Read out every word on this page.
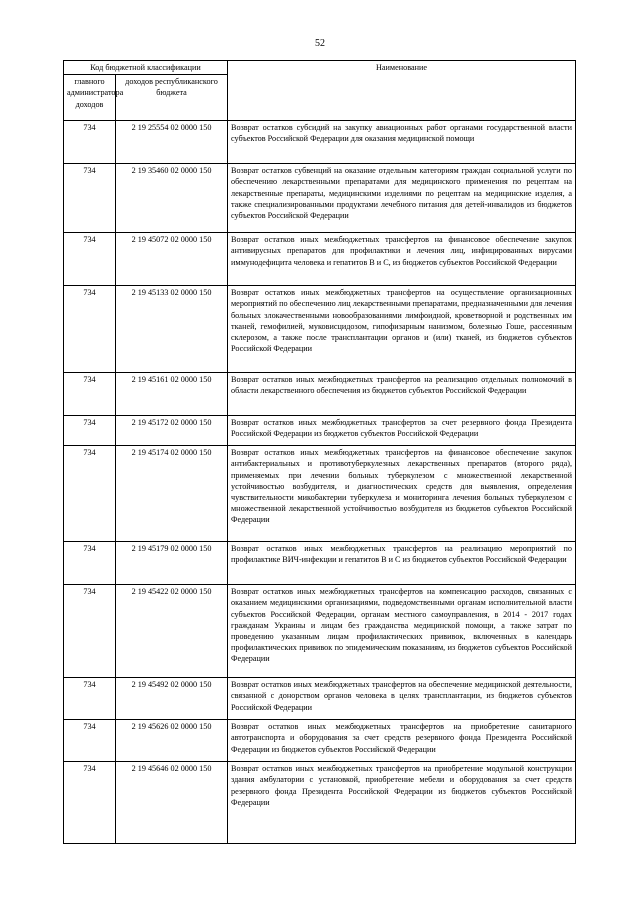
52
Код бюджетной классификации		Наименование
главного администратора доходов	доходов республиканского бюджета	
734	2 19 25554 02 0000 150	Возврат остатков субсидий на закупку авиационных работ органами государственной власти субъектов Российской Федерации для оказания медицинской помощи
734	2 19 35460 02 0000 150	Возврат остатков субвенций на оказание отдельным категориям граждан социальной услуги по обеспечению лекарственными препаратами для медицинского применения по рецептам на лекарственные препараты, медицинскими изделиями по рецептам на медицинские изделия, а также специализированными продуктами лечебного питания для детей-инвалидов из бюджетов субъектов Российской Федерации
734	2 19 45072 02 0000 150	Возврат остатков иных межбюджетных трансфертов на финансовое обеспечение закупок антивирусных препаратов для профилактики и лечения лиц, инфицированных вирусами иммунодефицита человека и гепатитов В и С, из бюджетов субъектов Российской Федерации
734	2 19 45133 02 0000 150	Возврат остатков иных межбюджетных трансфертов на осуществление организационных мероприятий по обеспечению лиц лекарственными препаратами, предназначенными для лечения больных злокачественными новообразованиями лимфоидной, кроветворной и родственных им тканей, гемофилией, муковисцидозом, гипофизарным нанизмом, болезнью Гоше, рассеянным склерозом, а также после трансплантации органов и (или) тканей, из бюджетов субъектов Российской Федерации
734	2 19 45161 02 0000 150	Возврат остатков иных межбюджетных трансфертов на реализацию отдельных полномочий в области лекарственного обеспечения из бюджетов субъектов Российской Федерации
734	2 19 45172 02 0000 150	Возврат остатков иных межбюджетных трансфертов за счет резервного фонда Президента Российской Федерации из бюджетов субъектов Российской Федерации
734	2 19 45174 02 0000 150	Возврат остатков иных межбюджетных трансфертов на финансовое обеспечение закупок антибактериальных и противотуберкулезных лекарственных препаратов (второго ряда), применяемых при лечении больных туберкулезом с множественной лекарственной устойчивостью возбудителя, и диагностических средств для выявления, определения чувствительности микобактерии туберкулеза и мониторинга лечения больных туберкулезом с множественной лекарственной устойчивостью возбудителя из бюджетов субъектов Российской Федерации
734	2 19 45179 02 0000 150	Возврат остатков иных межбюджетных трансфертов на реализацию мероприятий по профилактике ВИЧ-инфекции и гепатитов В и С из бюджетов субъектов Российской Федерации
734	2 19 45422 02 0000 150	Возврат остатков иных межбюджетных трансфертов на компенсацию расходов, связанных с оказанием медицинскими организациями, подведомственными органам исполнительной власти субъектов Российской Федерации, органам местного самоуправления, в 2014 - 2017 годах гражданам Украины и лицам без гражданства медицинской помощи, а также затрат по проведению указанным лицам профилактических прививок, включенных в календарь профилактических прививок по эпидемическим показаниям, из бюджетов субъектов Российской Федерации
734	2 19 45492 02 0000 150	Возврат остатков иных межбюджетных трансфертов на обеспечение медицинской деятельности, связанной с донорством органов человека в целях трансплантации, из бюджетов субъектов Российской Федерации
734	2 19 45626 02 0000 150	Возврат остатков иных межбюджетных трансфертов на приобретение санитарного автотранспорта и оборудования за счет средств резервного фонда Президента Российской Федерации из бюджетов субъектов Российской Федерации
734	2 19 45646 02 0000 150	Возврат остатков иных межбюджетных трансфертов на приобретение модульной конструкции здания амбулатории с установкой, приобретение мебели и оборудования за счет средств резервного фонда Президента Российской Федерации из бюджетов субъектов Российской Федерации
